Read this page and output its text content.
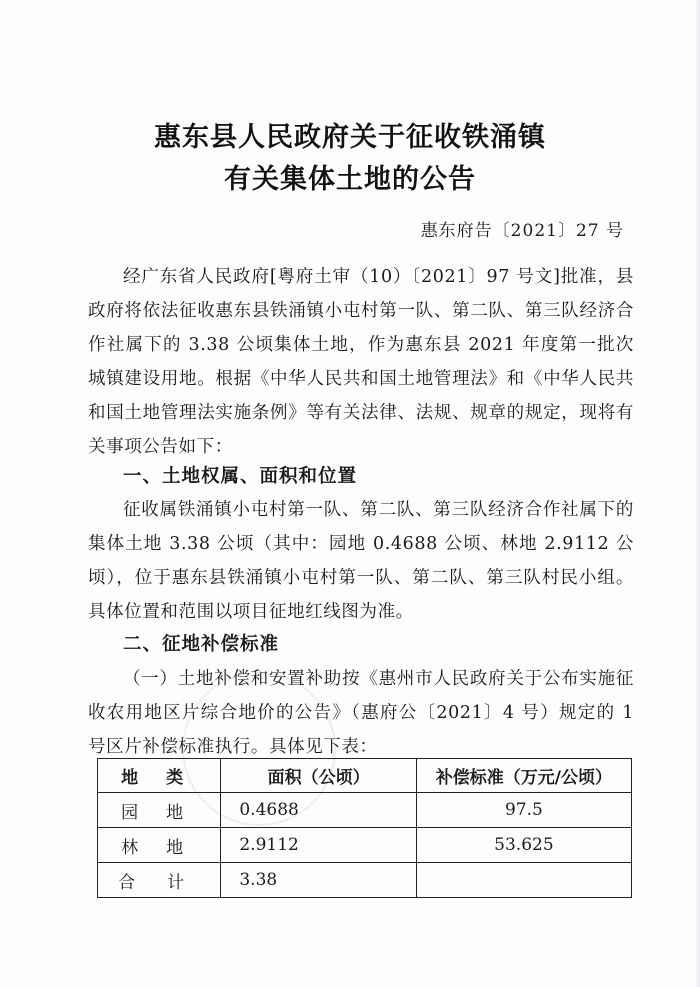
惠东县人民政府关于征收铁涌镇
有关集体土地的公告
惠东府告〔2021〕27 号

经广东省人民政府[粤府土审（10）〔2021〕97 号文]批准，县政府将依法征收惠东县铁涌镇小屯村第一队、第二队、第三队经济合作社属下的 3.38 公顷集体土地，作为惠东县 2021 年度第一批次城镇建设用地。根据《中华人民共和国土地管理法》和《中华人民共和国土地管理法实施条例》等有关法律、法规、规章的规定，现将有关事项公告如下：

一、土地权属、面积和位置

征收属铁涌镇小屯村第一队、第二队、第三队经济合作社属下的集体土地 3.38 公顷（其中：园地 0.4688 公顷、林地 2.9112 公顷），位于惠东县铁涌镇小屯村第一队、第二队、第三队村民小组。具体位置和范围以项目征地红线图为准。

二、征地补偿标准

（一）土地补偿和安置补助按《惠州市人民政府关于公布实施征收农用地区片综合地价的公告》（惠府公〔2021〕4 号）规定的 1 号区片补偿标准执行。具体见下表：

地类	面积（公顷）	补偿标准（万元/公顷）
园地	0.4688	97.5
林地	2.9112	53.625
合计	3.38	
